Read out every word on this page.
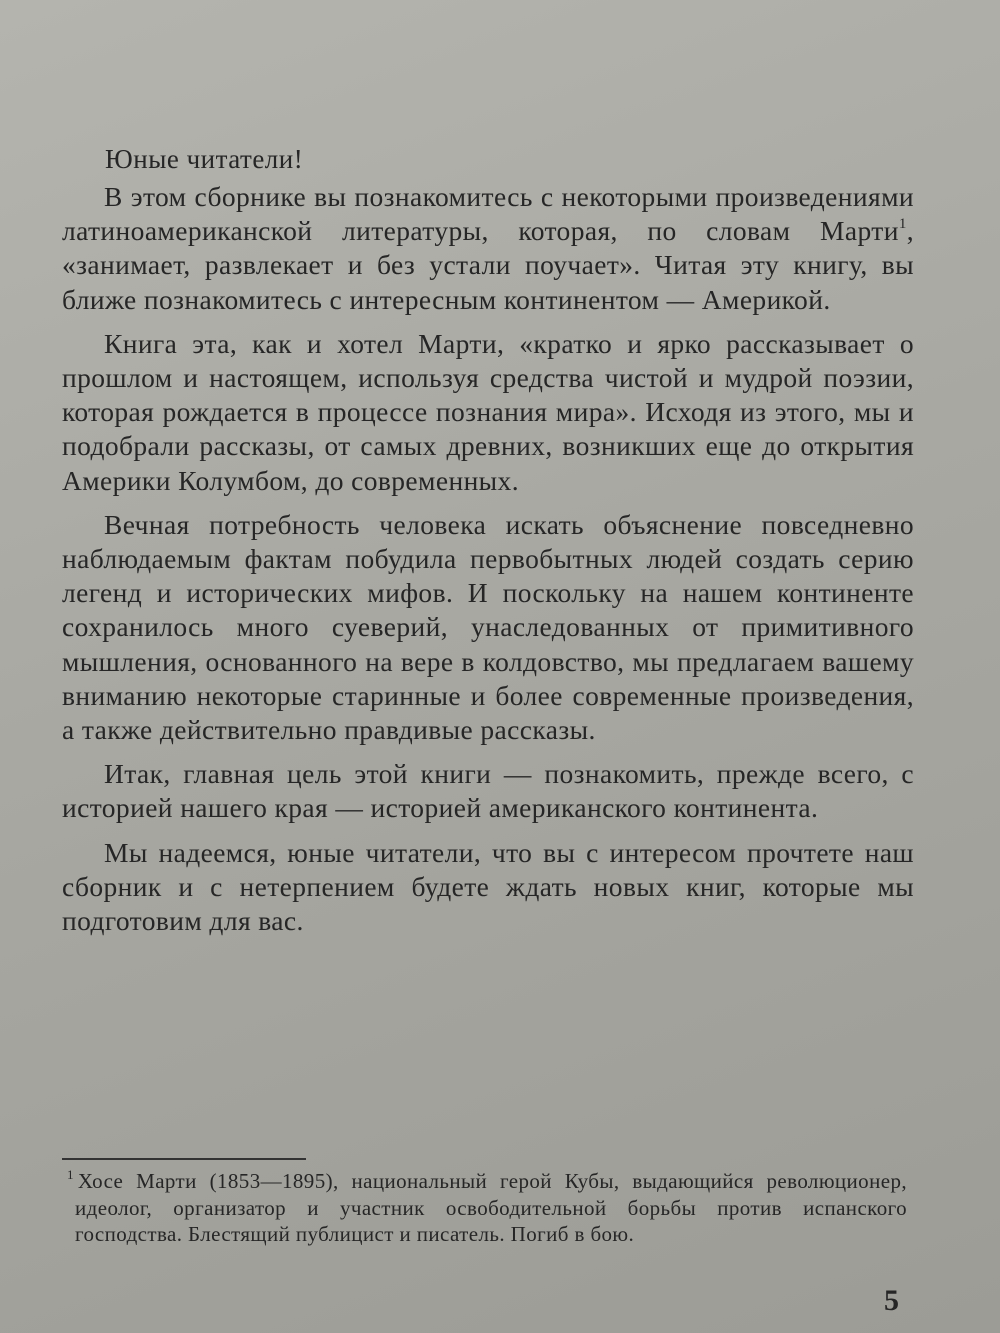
Юные читатели!

В этом сборнике вы познакомитесь с некоторыми произведениями латиноамериканской литературы, которая, по словам Марти$^1$, «занимает, развлекает и без устали поучает». Читая эту книгу, вы ближе познакомитесь с интересным континентом — Америкой.

Книга эта, как и хотел Марти, «кратко и ярко рассказывает о прошлом и настоящем, используя средства чистой и мудрой поэзии, которая рождается в процессе познания мира». Исходя из этого, мы и подобрали рассказы, от самых древних, возникших еще до открытия Америки Колумбом, до современных.

Вечная потребность человека искать объяснение повседневно наблюдаемым фактам побудила первобытных людей создать серию легенд и исторических мифов. И поскольку на нашем континенте сохранилось много суеверий, унаследованных от примитивного мышления, основанного на вере в колдовство, мы предлагаем вашему вниманию некоторые старинные и более современные произведения, а также действительно правдивые рассказы.

Итак, главная цель этой книги — познакомить, прежде всего, с историей нашего края — историей американского континента.

Мы надеемся, юные читатели, что вы с интересом прочтете наш сборник и с нетерпением будете ждать новых книг, которые мы подготовим для вас.

$^1$ Хосе Марти (1853—1895), национальный герой Кубы, выдающийся революционер, идеолог, организатор и участник освободительной борьбы против испанского господства. Блестящий публицист и писатель. Погиб в бою.
5
